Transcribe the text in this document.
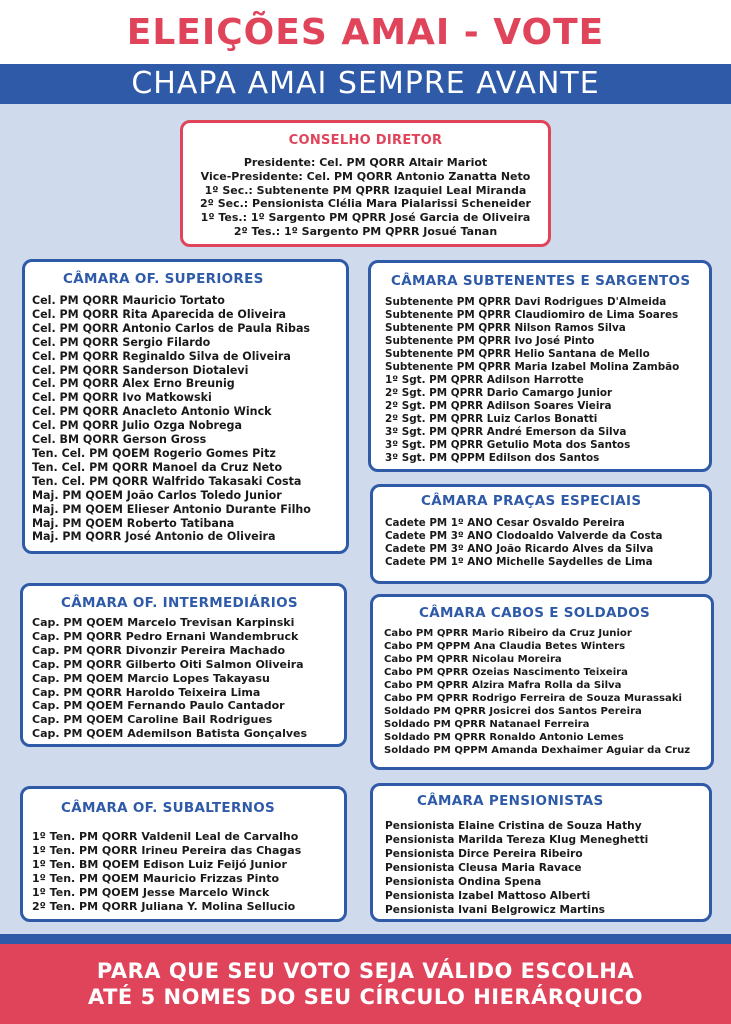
ELEIÇÕES AMAI - VOTE
CHAPA AMAI SEMPRE AVANTE
CONSELHO DIRETOR
Presidente: Cel. PM QORR Altair Mariot
Vice-Presidente: Cel. PM QORR Antonio Zanatta Neto
1º Sec.: Subtenente PM QPRR Izaquiel Leal Miranda
2º Sec.: Pensionista Clélia Mara Pialarissi Scheneider
1º Tes.: 1º Sargento PM QPRR José Garcia de Oliveira
2º Tes.: 1º Sargento PM QPRR Josué Tanan
CÂMARA OF. SUPERIORES
Cel. PM QORR Mauricio Tortato
Cel. PM QORR Rita Aparecida de Oliveira
Cel. PM QORR Antonio Carlos de Paula Ribas
Cel. PM QORR Sergio Filardo
Cel. PM QORR Reginaldo Silva de Oliveira
Cel. PM QORR Sanderson Diotalevi
Cel. PM QORR Alex Erno Breunig
Cel. PM QORR Ivo Matkowski
Cel. PM QORR Anacleto Antonio Winck
Cel. PM QORR Julio Ozga Nobrega
Cel. BM QORR Gerson Gross
Ten. Cel. PM QOEM Rogerio Gomes Pitz
Ten. Cel. PM QORR Manoel da Cruz Neto
Ten. Cel. PM QORR Walfrido Takasaki Costa
Maj. PM QOEM João Carlos Toledo Junior
Maj. PM QOEM Elieser Antonio Durante Filho
Maj. PM QOEM Roberto Tatibana
Maj. PM QORR José Antonio de Oliveira
CÂMARA SUBTENENTES E SARGENTOS
Subtenente PM QPRR Davi Rodrigues D'Almeida
Subtenente PM QPRR Claudiomiro de Lima Soares
Subtenente PM QPRR Nilson Ramos Silva
Subtenente PM QPRR Ivo José Pinto
Subtenente PM QPRR Helio Santana de Mello
Subtenente PM QPRR Maria Izabel Molina Zambão
1º Sgt. PM QPRR Adilson Harrotte
2º Sgt. PM QPRR Dario Camargo Junior
2º Sgt. PM QPRR Adilson Soares Vieira
2º Sgt. PM QPRR Luiz Carlos Bonatti
3º Sgt. PM QPRR André Emerson da Silva
3º Sgt. PM QPRR Getulio Mota dos Santos
3º Sgt. PM QPPM Edilson dos Santos
CÂMARA PRAÇAS ESPECIAIS
Cadete PM 1º ANO Cesar Osvaldo Pereira
Cadete PM 3º ANO Clodoaldo Valverde da Costa
Cadete PM 3º ANO João Ricardo Alves da Silva
Cadete PM 1º ANO Michelle Saydelles de Lima
CÂMARA OF. INTERMEDIÁRIOS
Cap. PM QOEM Marcelo Trevisan Karpinski
Cap. PM QORR Pedro Ernani Wandembruck
Cap. PM QORR Divonzir Pereira Machado
Cap. PM QORR Gilberto Oiti Salmon Oliveira
Cap. PM QOEM Marcio Lopes Takayasu
Cap. PM QORR Haroldo Teixeira Lima
Cap. PM QOEM Fernando Paulo Cantador
Cap. PM QOEM Caroline Bail Rodrigues
Cap. PM QOEM Ademilson Batista Gonçalves
CÂMARA CABOS E SOLDADOS
Cabo PM QPRR Mario Ribeiro da Cruz Junior
Cabo PM QPPM Ana Claudia Betes Winters
Cabo PM QPRR Nicolau Moreira
Cabo PM QPRR Ozeias Nascimento Teixeira
Cabo PM QPRR Alzira Mafra Rolla da Silva
Cabo PM QPRR Rodrigo Ferreira de Souza Murassaki
Soldado PM QPRR Josicrei dos Santos Pereira
Soldado PM QPRR Natanael Ferreira
Soldado PM QPRR Ronaldo Antonio Lemes
Soldado PM QPPM Amanda Dexhaimer Aguiar da Cruz
CÂMARA OF. SUBALTERNOS
1º Ten. PM QORR Valdenil Leal de Carvalho
1º Ten. PM QORR Irineu Pereira das Chagas
1º Ten. BM QOEM Edison Luiz Feijó Junior
1º Ten. PM QOEM Mauricio Frizzas Pinto
1º Ten. PM QOEM Jesse Marcelo Winck
2º Ten. PM QORR Juliana Y. Molina Sellucio
CÂMARA PENSIONISTAS
Pensionista Elaine Cristina de Souza Hathy
Pensionista Marilda Tereza Klug Meneghetti
Pensionista Dirce Pereira Ribeiro
Pensionista Cleusa Maria Ravace
Pensionista Ondina Spena
Pensionista Izabel Mattoso Alberti
Pensionista Ivani Belgrowicz Martins
PARA QUE SEU VOTO SEJA VÁLIDO ESCOLHA
ATÉ 5 NOMES DO SEU CÍRCULO HIERÁRQUICO
